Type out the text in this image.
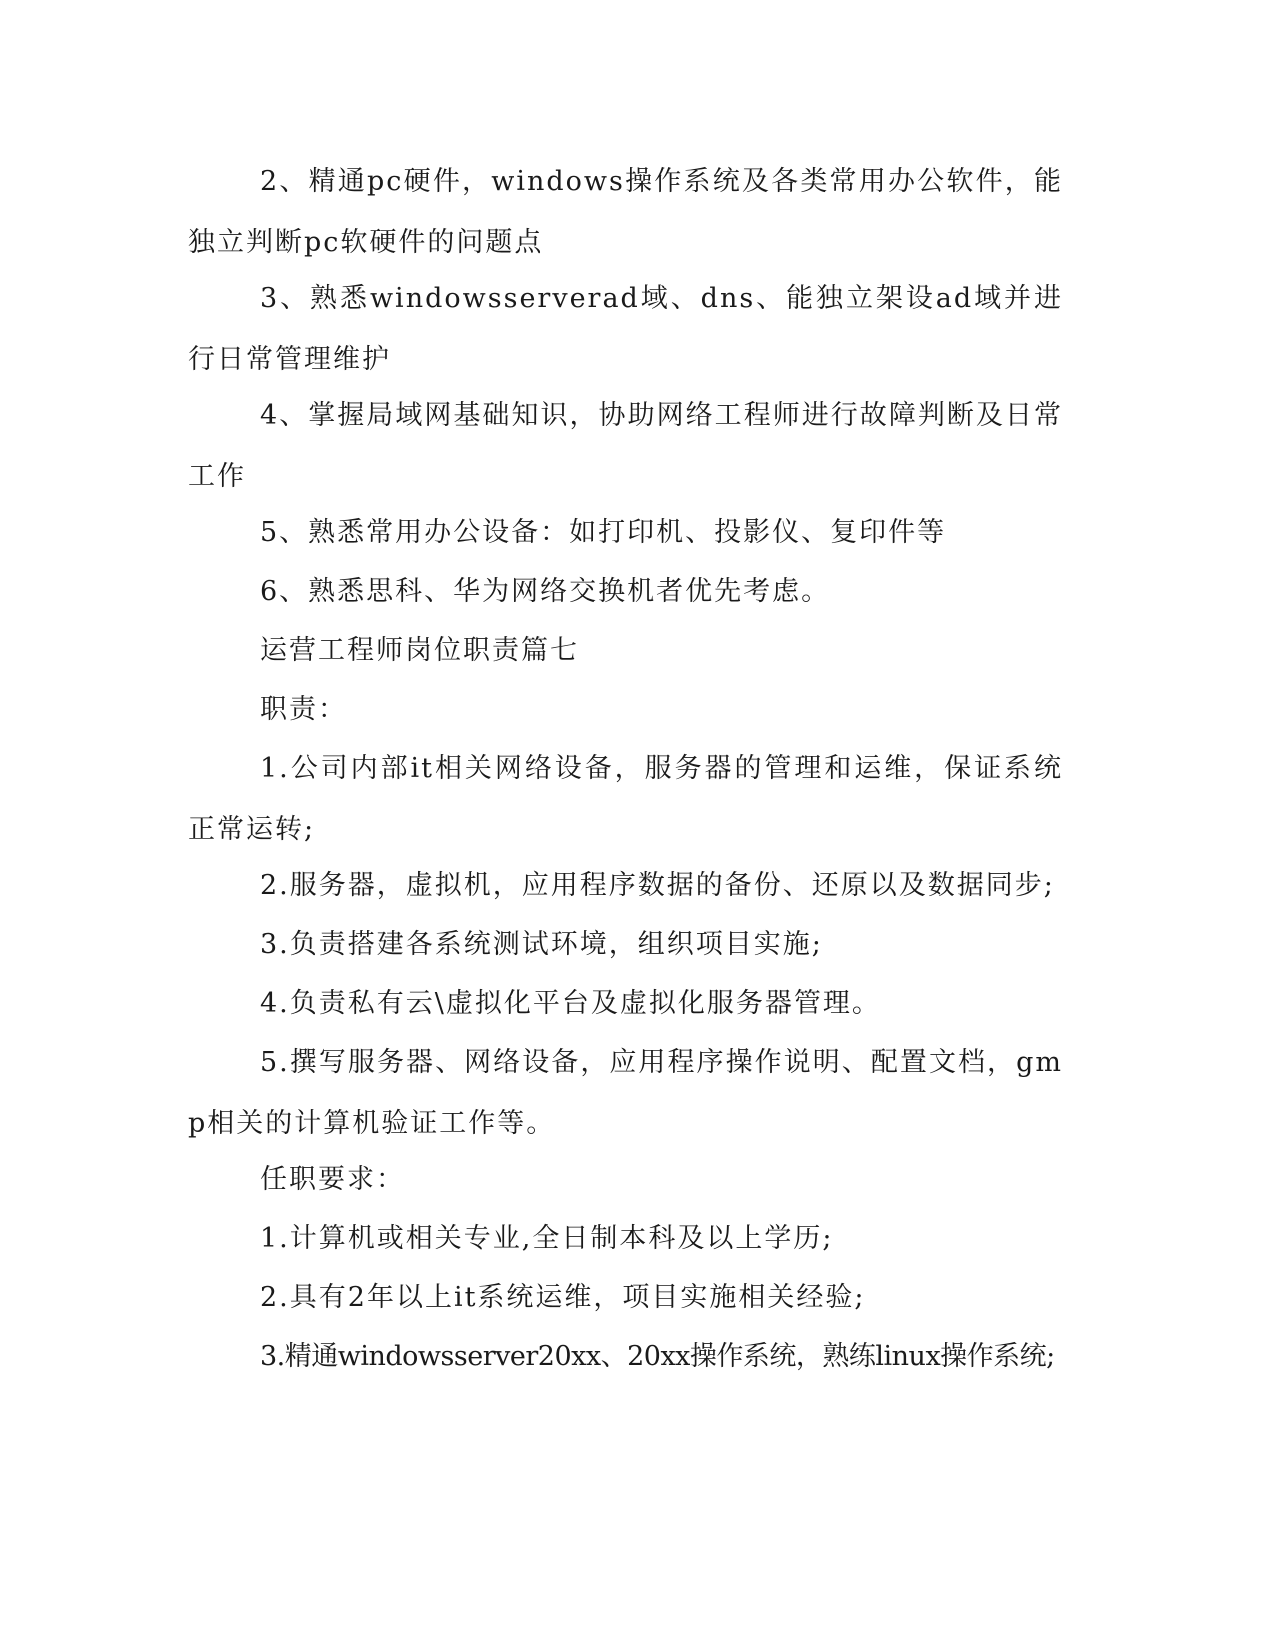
2、精通pc硬件，windows操作系统及各类常用办公软件，能独立判断pc软硬件的问题点

3、熟悉windowsserverad域、dns、能独立架设ad域并进行日常管理维护

4、掌握局域网基础知识，协助网络工程师进行故障判断及日常工作

5、熟悉常用办公设备：如打印机、投影仪、复印件等

6、熟悉思科、华为网络交换机者优先考虑。

运营工程师岗位职责篇七

职责：

1.公司内部it相关网络设备，服务器的管理和运维，保证系统正常运转;

2.服务器，虚拟机，应用程序数据的备份、还原以及数据同步;

3.负责搭建各系统测试环境，组织项目实施;

4.负责私有云\虚拟化平台及虚拟化服务器管理。

5.撰写服务器、网络设备，应用程序操作说明、配置文档，gmp相关的计算机验证工作等。

任职要求：

1.计算机或相关专业,全日制本科及以上学历;

2.具有2年以上it系统运维，项目实施相关经验;

3.精通windowsserver20xx、20xx操作系统，熟练linux操作系统;
